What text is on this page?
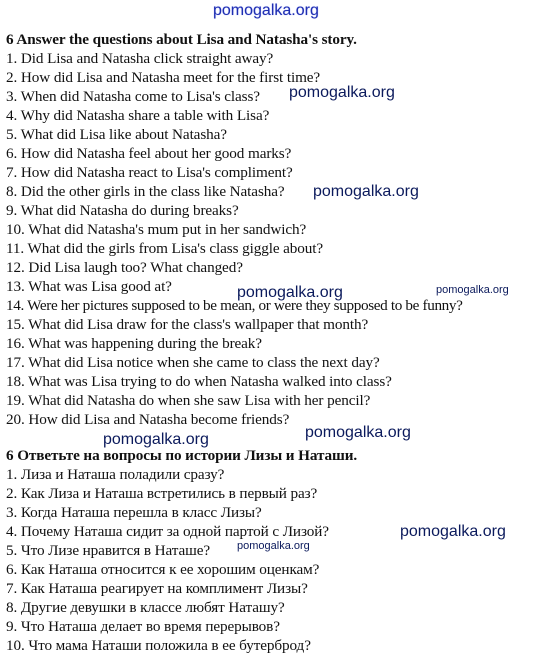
pomogalka.org
6 Answer the questions about Lisa and Natasha's story.
1. Did Lisa and Natasha click straight away?
2. How did Lisa and Natasha meet for the first time?
3. When did Natasha come to Lisa's class?
4. Why did Natasha share a table with Lisa?
5. What did Lisa like about Natasha?
6. How did Natasha feel about her good marks?
7. How did Natasha react to Lisa's compliment?
8. Did the other girls in the class like Natasha?
9. What did Natasha do during breaks?
10. What did Natasha's mum put in her sandwich?
11. What did the girls from Lisa's class giggle about?
12. Did Lisa laugh too? What changed?
13. What was Lisa good at?
14. Were her pictures supposed to be mean, or were they supposed to be funny?
15. What did Lisa draw for the class's wallpaper that month?
16. What was happening during the break?
17. What did Lisa notice when she came to class the next day?
18. What was Lisa trying to do when Natasha walked into class?
19. What did Natasha do when she saw Lisa with her pencil?
20. How did Lisa and Natasha become friends?
6 Ответьте на вопросы по истории Лизы и Наташи.
1. Лиза и Наташа поладили сразу?
2. Как Лиза и Наташа встретились в первый раз?
3. Когда Наташа перешла в класс Лизы?
4. Почему Наташа сидит за одной партой с Лизой?
5. Что Лизе нравится в Наташе?
6. Как Наташа относится к ее хорошим оценкам?
7. Как Наташа реагирует на комплимент Лизы?
8. Другие девушки в классе любят Наташу?
9. Что Наташа делает во время перерывов?
10. Что мама Наташи положила в ее бутерброд?
pomogalka.org
pomogalka.org
pomogalka.org	pomogalka.org
pomogalka.org	pomogalka.org
pomogalka.org
pomogalka.org
